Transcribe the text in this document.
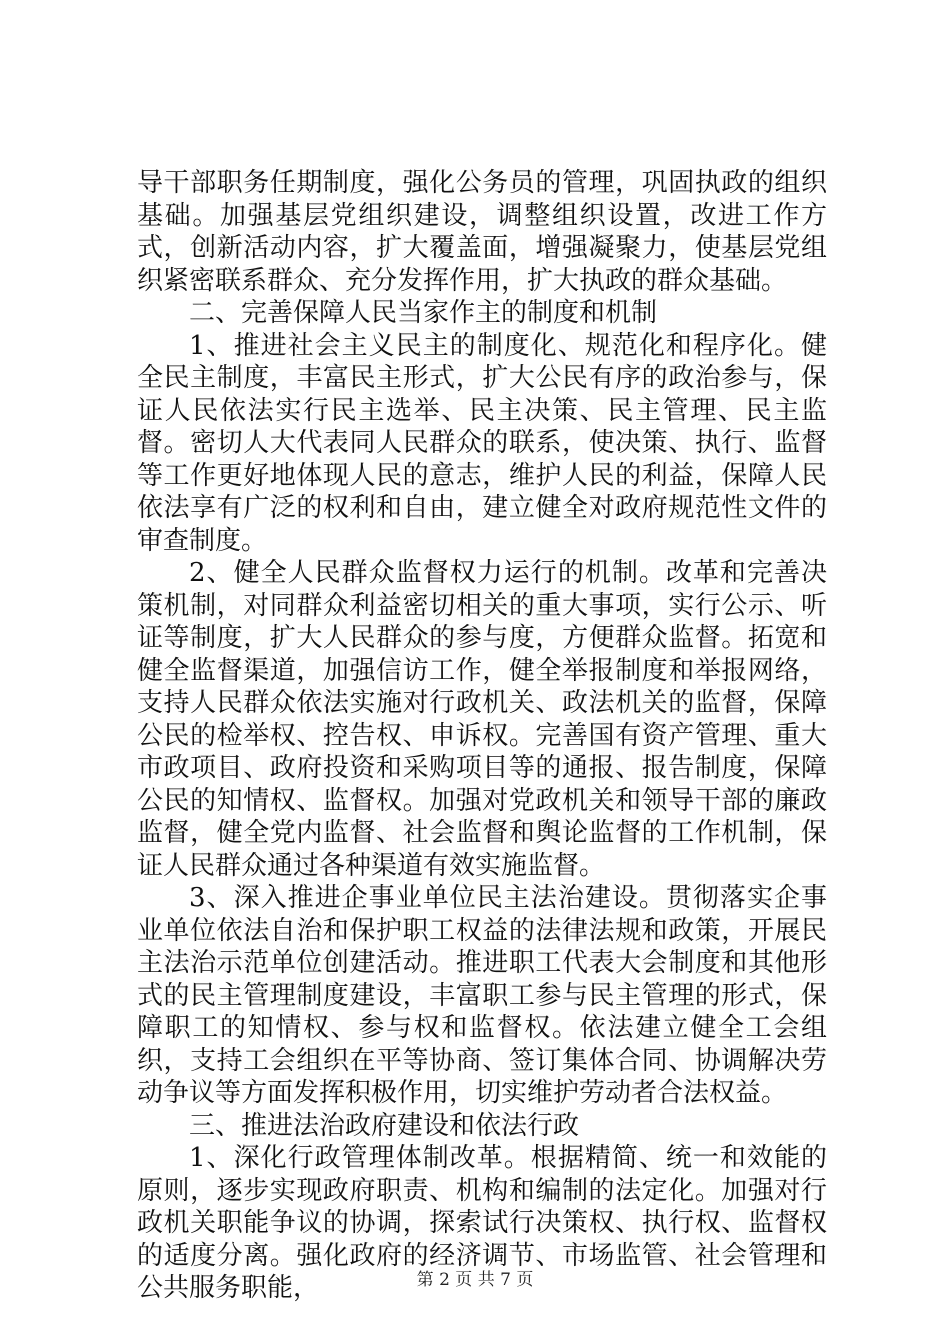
导干部职务任期制度，强化公务员的管理，巩固执政的组织基础。加强基层党组织建设，调整组织设置，改进工作方式，创新活动内容，扩大覆盖面，增强凝聚力，使基层党组织紧密联系群众、充分发挥作用，扩大执政的群众基础。

二、完善保障人民当家作主的制度和机制

1、推进社会主义民主的制度化、规范化和程序化。健全民主制度，丰富民主形式，扩大公民有序的政治参与，保证人民依法实行民主选举、民主决策、民主管理、民主监督。密切人大代表同人民群众的联系，使决策、执行、监督等工作更好地体现人民的意志，维护人民的利益，保障人民依法享有广泛的权利和自由，建立健全对政府规范性文件的审查制度。

2、健全人民群众监督权力运行的机制。改革和完善决策机制，对同群众利益密切相关的重大事项，实行公示、听证等制度，扩大人民群众的参与度，方便群众监督。拓宽和健全监督渠道，加强信访工作，健全举报制度和举报网络，支持人民群众依法实施对行政机关、政法机关的监督，保障公民的检举权、控告权、申诉权。完善国有资产管理、重大市政项目、政府投资和采购项目等的通报、报告制度，保障公民的知情权、监督权。加强对党政机关和领导干部的廉政监督，健全党内监督、社会监督和舆论监督的工作机制，保证人民群众通过各种渠道有效实施监督。

3、深入推进企事业单位民主法治建设。贯彻落实企事业单位依法自治和保护职工权益的法律法规和政策，开展民主法治示范单位创建活动。推进职工代表大会制度和其他形式的民主管理制度建设，丰富职工参与民主管理的形式，保障职工的知情权、参与权和监督权。依法建立健全工会组织，支持工会组织在平等协商、签订集体合同、协调解决劳动争议等方面发挥积极作用，切实维护劳动者合法权益。

三、推进法治政府建设和依法行政

1、深化行政管理体制改革。根据精简、统一和效能的原则，逐步实现政府职责、机构和编制的法定化。加强对行政机关职能争议的协调，探索试行决策权、执行权、监督权的适度分离。强化政府的经济调节、市场监管、社会管理和公共服务职能，	第 2 页 共 7 页
